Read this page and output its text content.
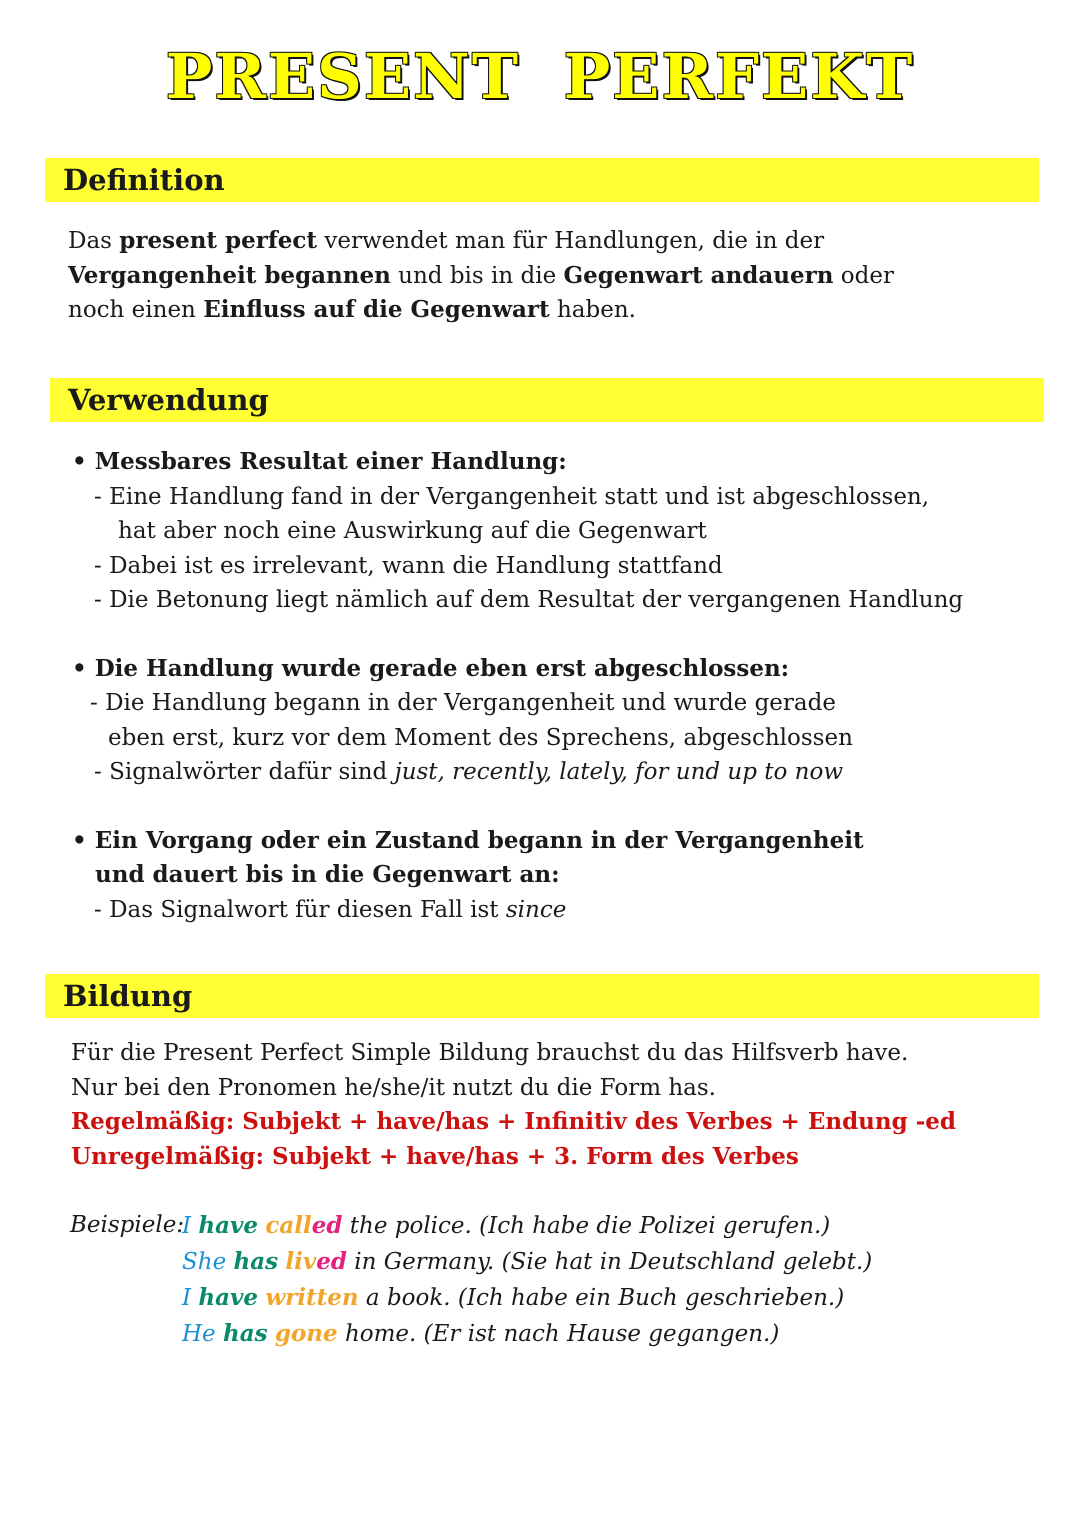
PRESENT PERFEKT
Definition
Das present perfect verwendet man für Handlungen, die in der
Vergangenheit begannen und bis in die Gegenwart andauern oder
noch einen Einfluss auf die Gegenwart haben.
Verwendung
• Messbares Resultat einer Handlung:
- Eine Handlung fand in der Vergangenheit statt und ist abgeschlossen,
hat aber noch eine Auswirkung auf die Gegenwart
- Dabei ist es irrelevant, wann die Handlung stattfand
- Die Betonung liegt nämlich auf dem Resultat der vergangenen Handlung
• Die Handlung wurde gerade eben erst abgeschlossen:
- Die Handlung begann in der Vergangenheit und wurde gerade
eben erst, kurz vor dem Moment des Sprechens, abgeschlossen
- Signalwörter dafür sind just, recently, lately, for und up to now
• Ein Vorgang oder ein Zustand begann in der Vergangenheit
und dauert bis in die Gegenwart an:
- Das Signalwort für diesen Fall ist since
Bildung
Für die Present Perfect Simple Bildung brauchst du das Hilfsverb have.
Nur bei den Pronomen he/she/it nutzt du die Form has.
Regelmäßig: Subjekt + have/has + Infinitiv des Verbes + Endung -ed
Unregelmäßig: Subjekt + have/has + 3. Form des Verbes
Beispiele:
I have called the police. (Ich habe die Polizei gerufen.)
She has lived in Germany. (Sie hat in Deutschland gelebt.)
I have written a book. (Ich habe ein Buch geschrieben.)
He has gone home. (Er ist nach Hause gegangen.)
